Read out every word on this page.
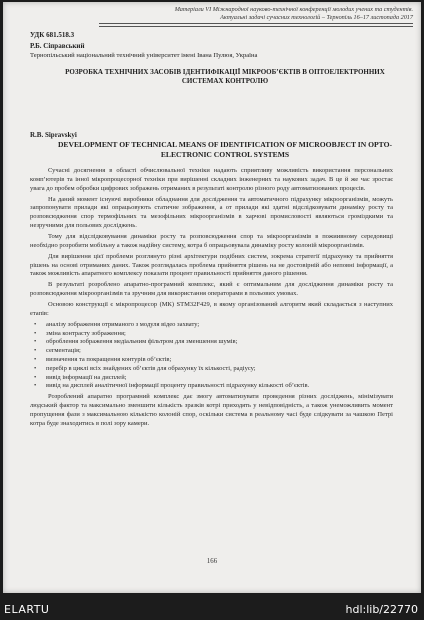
Матеріали VI Міжнародної науково-технічної конференції молодих учених та студентів.
Актуальні задачі сучасних технологій – Тернопіль 16–17 листопада 2017
УДК 681.518.3
Р.Б. Сіправський
Тернопільський національний технічний університет імені Івана Пулюя, Україна
РОЗРОБКА ТЕХНІЧНИХ ЗАСОБІВ ІДЕНТИФІКАЦІЇ МІКРООБ’ЄКТІВ В ОПТОЕЛЕКТРОННИХ СИСТЕМАХ КОНТРОЛЮ
R.B. Sipravskyi
DEVELOPMENT OF TECHNICAL MEANS OF IDENTIFICATION OF MICROOBJECT IN OPTO-ELECTRONIC CONTROL SYSTEMS

Сучасні досягнення в області обчислювальної техніки надають сприятливу можливість використання персональних комп’ютерів та інної мікропроцесорної техніки при вирішенні складних інженерних та наукових задач. В це й же час зростає увага до пробем обробки цифрових зображень отриманих в результаті контролю різного роду автоматизованих процесів.

На даний момент існуючі виробники обладнання для дослідження та автоматичного підрахунку мікроорганізмів, можуть запропонувати прилади які опрацьовують статичне зображення, а от прилади які здатні відслідковувати динаміку росту та розповсюдження спор термофільних та мезофільних мікроорганізмів в харчові промисловості являються громіздкими та незручними для польових досліджень.

Тому для відслідковування динаміки росту та розповсюдження спор та мікроорганізмів в пожиивному середовищі необхідно розробити мобільну а також надійну систему, котра б опрацьовувала динаміку росту колоній мікроорганізмів.

Для вирішення цієї проблеми розглянуто різні архітектури подібних систем, зокрема стратегії підрахунку та прийняття рішень на основі отриманих даних. Також розглядалась проблема прийняття рішень на не достовірній або неповні інформації, а також можливість апаратного комплексу показати процент правильності прийняття даного рішення.

В результаті розроблено апаратно-програмний комплекс, який є оптимальним для дослідження динаміки росту та розповсюдження мікроорганізмів та зручним для використання операторами в польових умовах.

Основою конструкції є мікропроцесор (МК) STM32F429, в якому організований алгоритм який складається з наступних етапів:

• аналізу зображення отриманого з модуля відео захвату;
• зміна контрасту зображення;
• оброблення зображення медіальним фільтром для зменшення шумів;
• сегментація;
• визначення та покращення контурів об’єктів;
• перебір в циклі всіх знайдених об’єктів для обрахунку їх кількості, радіусу;
• вивід інформації на дисплей;
• вивід на дисплей аналітичної інформації проценту правильності підрахунку кількості об’єктів.

Розроблений апаратно програмний комплекс дає змогу автоматизувати проведення різних досліджень, мінімізувати людський фактор та максимально зменшити кількість зразків котрі приходять у невідповідність, а також унеможливить момент пропущення фази з максимальною кількістю колоній спор, оскільки система в реальному часі буде слідкувати за чашкою Петрі котра буде знаходитись в полі зору камери.

166
ELARTU	hdl:lib/22770
